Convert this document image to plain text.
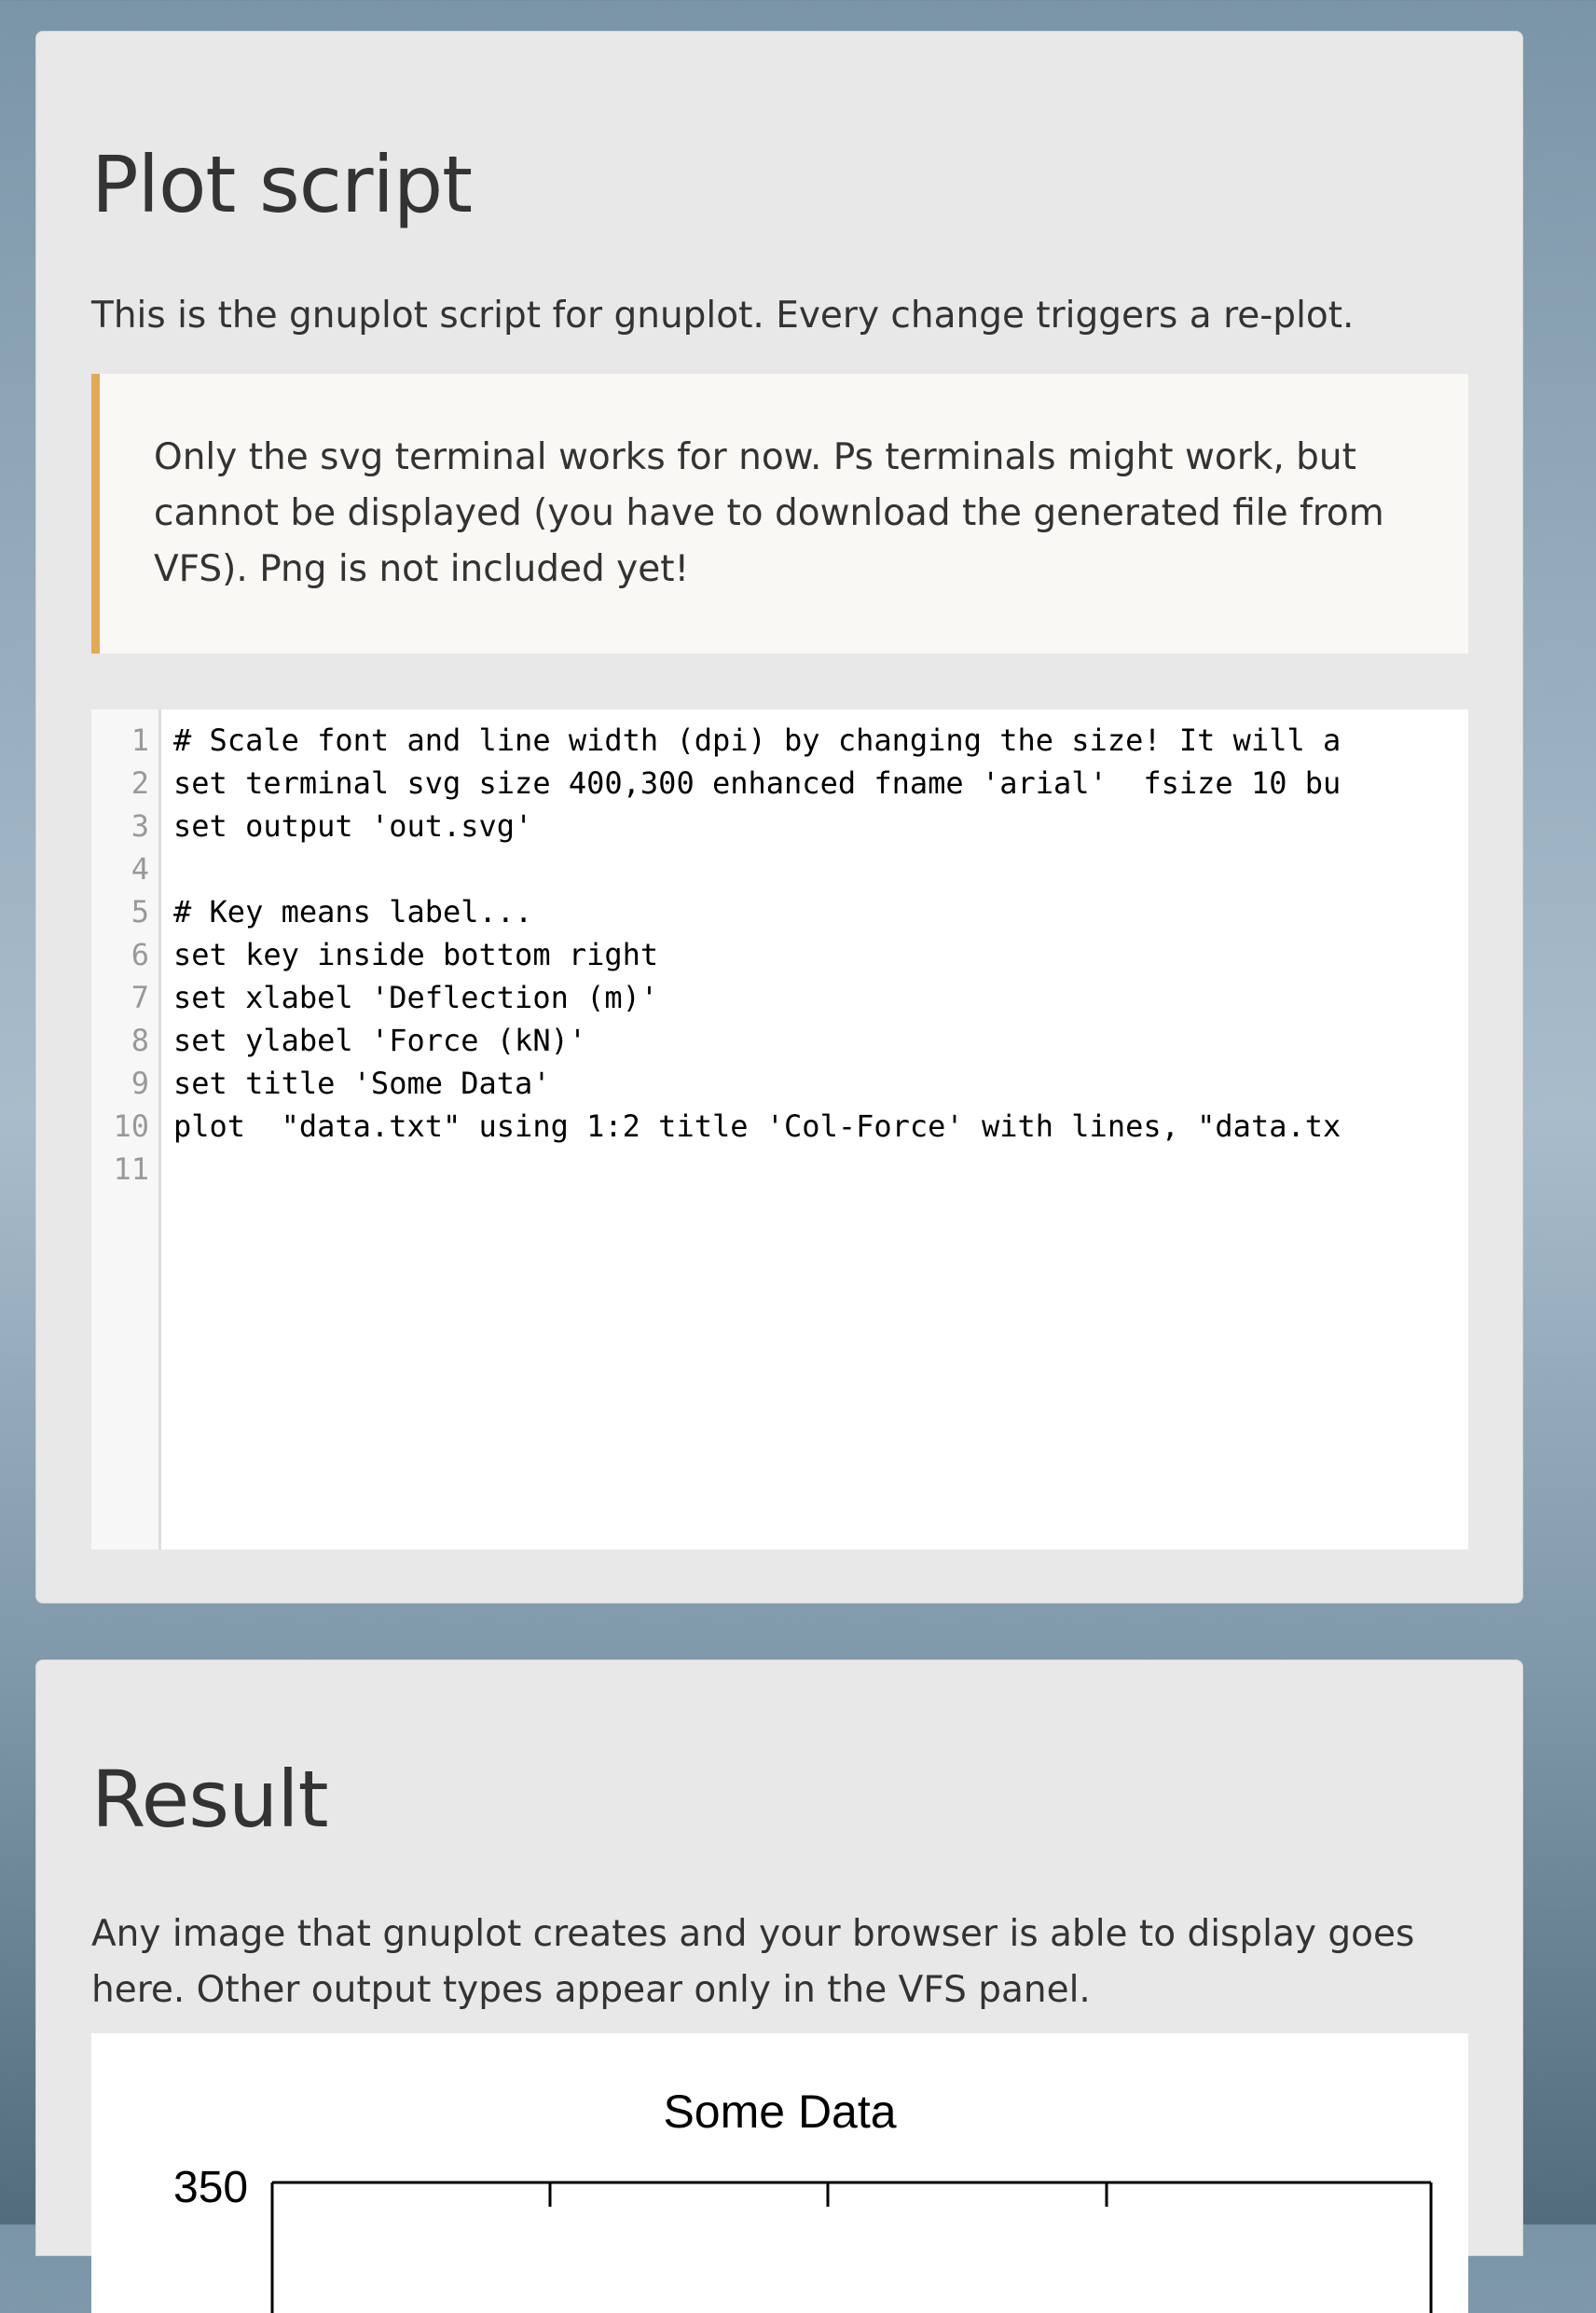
Plot script

This is the gnuplot script for gnuplot. Every change triggers a re-plot.

Only the svg terminal works for now. Ps terminals might work, but cannot be displayed (you have to download the generated file from VFS). Png is not included yet!
1 # Scale font and line width (dpi) by changing the size! It will a
2 set terminal svg size 400,300 enhanced fname 'arial'  fsize 10 bu
3 set output 'out.svg'
4
5 # Key means label...
6 set key inside bottom right
7 set xlabel 'Deflection (m)'
8 set ylabel 'Force (kN)'
9 set title 'Some Data'
10 plot  "data.txt" using 1:2 title 'Col-Force' with lines, "data.tx
11
Result

Any image that gnuplot creates and your browser is able to display goes here. Other output types appear only in the VFS panel.

Some Data
350
